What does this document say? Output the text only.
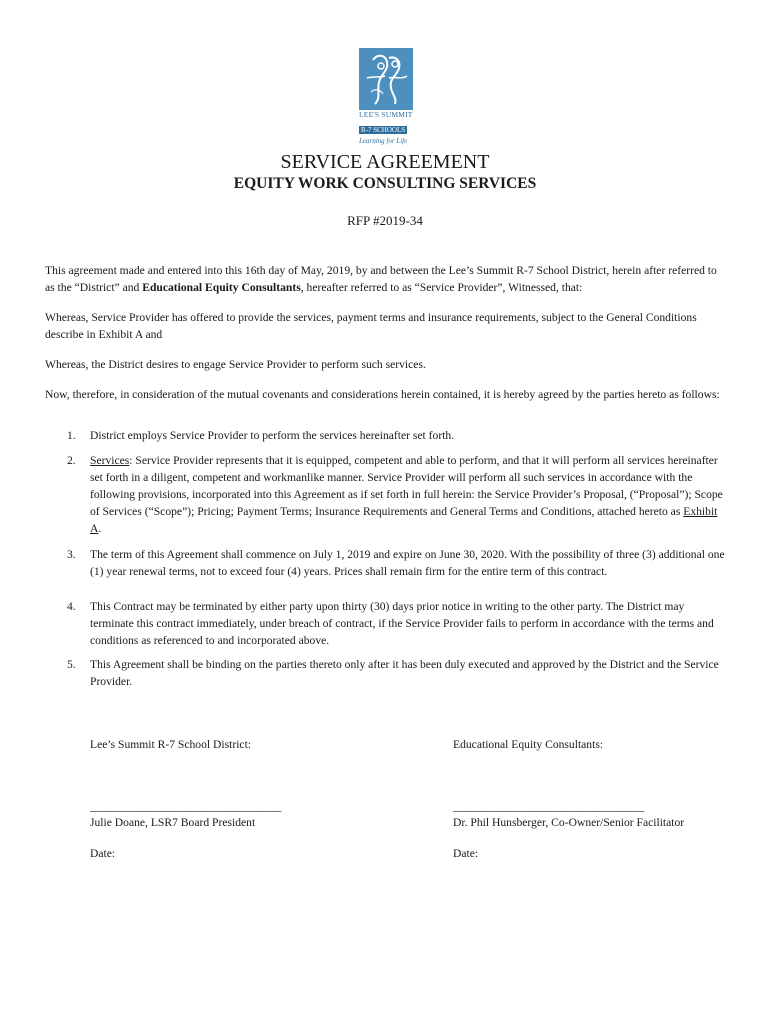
LEE'S SUMMIT
R-7 SCHOOLS
Learning for Life
SERVICE AGREEMENT
EQUITY WORK CONSULTING SERVICES
RFP #2019-34
This agreement made and entered into this 16th day of May, 2019, by and between the Lee’s Summit R-7 School District, herein after referred to as the “District” and Educational Equity Consultants, hereafter referred to as “Service Provider”, Witnessed, that:
Whereas, Service Provider has offered to provide the services, payment terms and insurance requirements, subject to the General Conditions describe in Exhibit A and
Whereas, the District desires to engage Service Provider to perform such services.
Now, therefore, in consideration of the mutual covenants and considerations herein contained, it is hereby agreed by the parties hereto as follows:
1. District employs Service Provider to perform the services hereinafter set forth.
2. Services: Service Provider represents that it is equipped, competent and able to perform, and that it will perform all services hereinafter set forth in a diligent, competent and workmanlike manner. Service Provider will perform all such services in accordance with the following provisions, incorporated into this Agreement as if set forth in full herein: the Service Provider’s Proposal, (“Proposal”); Scope of Services (“Scope”); Pricing; Payment Terms; Insurance Requirements and General Terms and Conditions, attached hereto as Exhibit A.
3. The term of this Agreement shall commence on July 1, 2019 and expire on June 30, 2020. With the possibility of three (3) additional one (1) year renewal terms, not to exceed four (4) years. Prices shall remain firm for the entire term of this contract.
4. This Contract may be terminated by either party upon thirty (30) days prior notice in writing to the other party. The District may terminate this contract immediately, under breach of contract, if the Service Provider fails to perform in accordance with the terms and conditions as referenced to and incorporated above.
5. This Agreement shall be binding on the parties thereto only after it has been duly executed and approved by the District and the Service Provider.
Lee’s Summit R-7 School District:
_________________________________
Julie Doane, LSR7 Board President
Date:
Educational Equity Consultants:
_________________________________
Dr. Phil Hunsberger, Co-Owner/Senior Facilitator
Date:
